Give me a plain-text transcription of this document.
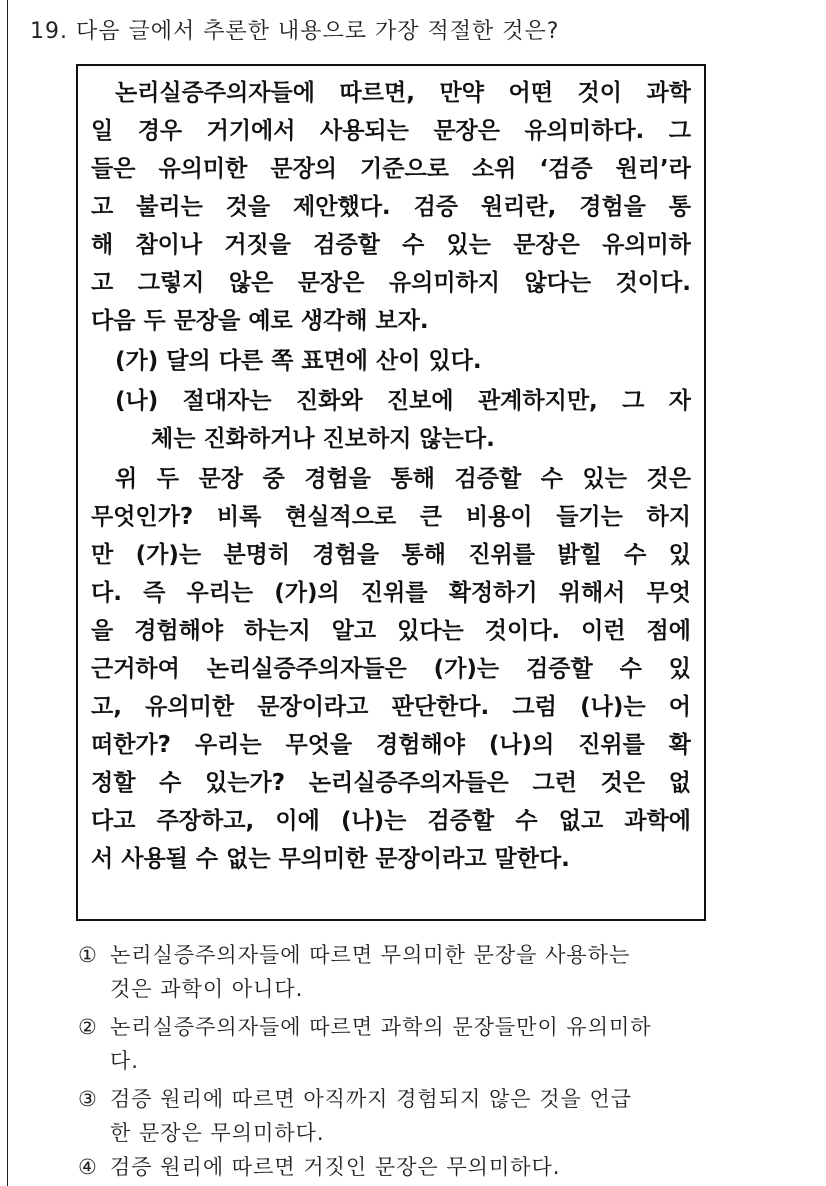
19. 다음 글에서 추론한 내용으로 가장 적절한 것은?
논리실증주의자들에 따르면, 만약 어떤 것이 과학
일 경우 거기에서 사용되는 문장은 유의미하다. 그
들은 유의미한 문장의 기준으로 소위 ‘검증 원리’라
고 불리는 것을 제안했다. 검증 원리란, 경험을 통
해 참이나 거짓을 검증할 수 있는 문장은 유의미하
고 그렇지 않은 문장은 유의미하지 않다는 것이다.
다음 두 문장을 예로 생각해 보자.
(가) 달의 다른 쪽 표면에 산이 있다.
(나) 절대자는 진화와 진보에 관계하지만, 그 자
체는 진화하거나 진보하지 않는다.
위 두 문장 중 경험을 통해 검증할 수 있는 것은
무엇인가? 비록 현실적으로 큰 비용이 들기는 하지
만 (가)는 분명히 경험을 통해 진위를 밝힐 수 있
다. 즉 우리는 (가)의 진위를 확정하기 위해서 무엇
을 경험해야 하는지 알고 있다는 것이다. 이런 점에
근거하여 논리실증주의자들은 (가)는 검증할 수 있
고, 유의미한 문장이라고 판단한다. 그럼 (나)는 어
떠한가? 우리는 무엇을 경험해야 (나)의 진위를 확
정할 수 있는가? 논리실증주의자들은 그런 것은 없
다고 주장하고, 이에 (나)는 검증할 수 없고 과학에
서 사용될 수 없는 무의미한 문장이라고 말한다.
① 논리실증주의자들에 따르면 무의미한 문장을 사용하는
것은 과학이 아니다.
② 논리실증주의자들에 따르면 과학의 문장들만이 유의미하
다.
③ 검증 원리에 따르면 아직까지 경험되지 않은 것을 언급
한 문장은 무의미하다.
④ 검증 원리에 따르면 거짓인 문장은 무의미하다.
